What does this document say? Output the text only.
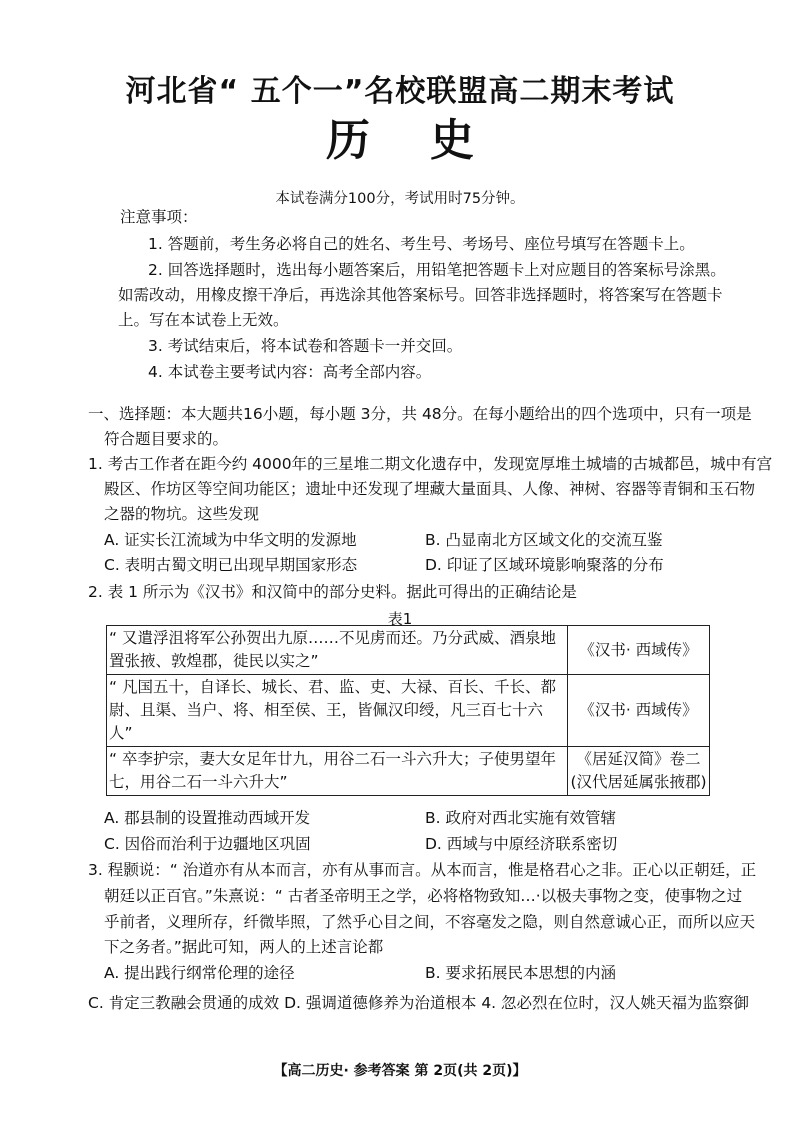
河北省“ 五个一”名校联盟高二期末考试
历史
本试卷满分100分，考试用时75分钟。
注意事项：
1. 答题前，考生务必将自己的姓名、考生号、考场号、座位号填写在答题卡上。
2. 回答选择题时，选出每小题答案后，用铅笔把答题卡上对应题目的答案标号涂黑。
如需改动，用橡皮擦干净后，再选涂其他答案标号。回答非选择题时，将答案写在答题卡
上。写在本试卷上无效。
3. 考试结束后，将本试卷和答题卡一并交回。
4. 本试卷主要考试内容：高考全部内容。
一、选择题：本大题共16小题，每小题 3分，共 48分。在每小题给出的四个选项中，只有一项是
符合题目要求的。
1. 考古工作者在距今约 4000年的三星堆二期文化遗存中，发现宽厚堆土城墙的古城都邑，城中有宫
殿区、作坊区等空间功能区；遗址中还发现了埋藏大量面具、人像、神树、容器等青铜和玉石物
之器的物坑。这些发现
A. 证实长江流域为中华文明的发源地	B. 凸显南北方区域文化的交流互鉴
C. 表明古蜀文明已出现早期国家形态	D. 印证了区域环境影响聚落的分布
2. 表 1 所示为《汉书》和汉简中的部分史料。据此可得出的正确结论是
表1
“ 又遣浮沮将军公孙贺出九原……不见虏而还。乃分武威、酒泉地置张掖、敦煌郡，徙民以实之”	《汉书· 西域传》
“ 凡国五十，自译长、城长、君、监、吏、大禄、百长、千长、都尉、且渠、当户、将、相至侯、王，皆佩汉印绶，凡三百七十六人”	《汉书· 西域传》
“ 卒李护宗，妻大女足年廿九，用谷二石一斗六升大；子使男望年七，用谷二石一斗六升大”	《居延汉简》卷二(汉代居延属张掖郡)
A. 郡县制的设置推动西域开发	B. 政府对西北实施有效管辖
C. 因俗而治利于边疆地区巩固	D. 西域与中原经济联系密切
3. 程颢说：“ 治道亦有从本而言，亦有从事而言。从本而言，惟是格君心之非。正心以正朝廷，正
朝廷以正百官。”朱熹说：“ 古者圣帝明王之学，必将格物致知…·以极夫事物之变，使事物之过
乎前者，义理所存，纤微毕照，了然乎心目之间，不容毫发之隐，则自然意诚心正，而所以应天
下之务者。”据此可知，两人的上述言论都
A. 提出践行纲常伦理的途径	B. 要求拓展民本思想的内涵
C. 肯定三教融会贯通的成效 D. 强调道德修养为治道根本 4. 忽必烈在位时，汉人姚天福为监察御
【高二历史· 参考答案 第 2页(共 2页)】
